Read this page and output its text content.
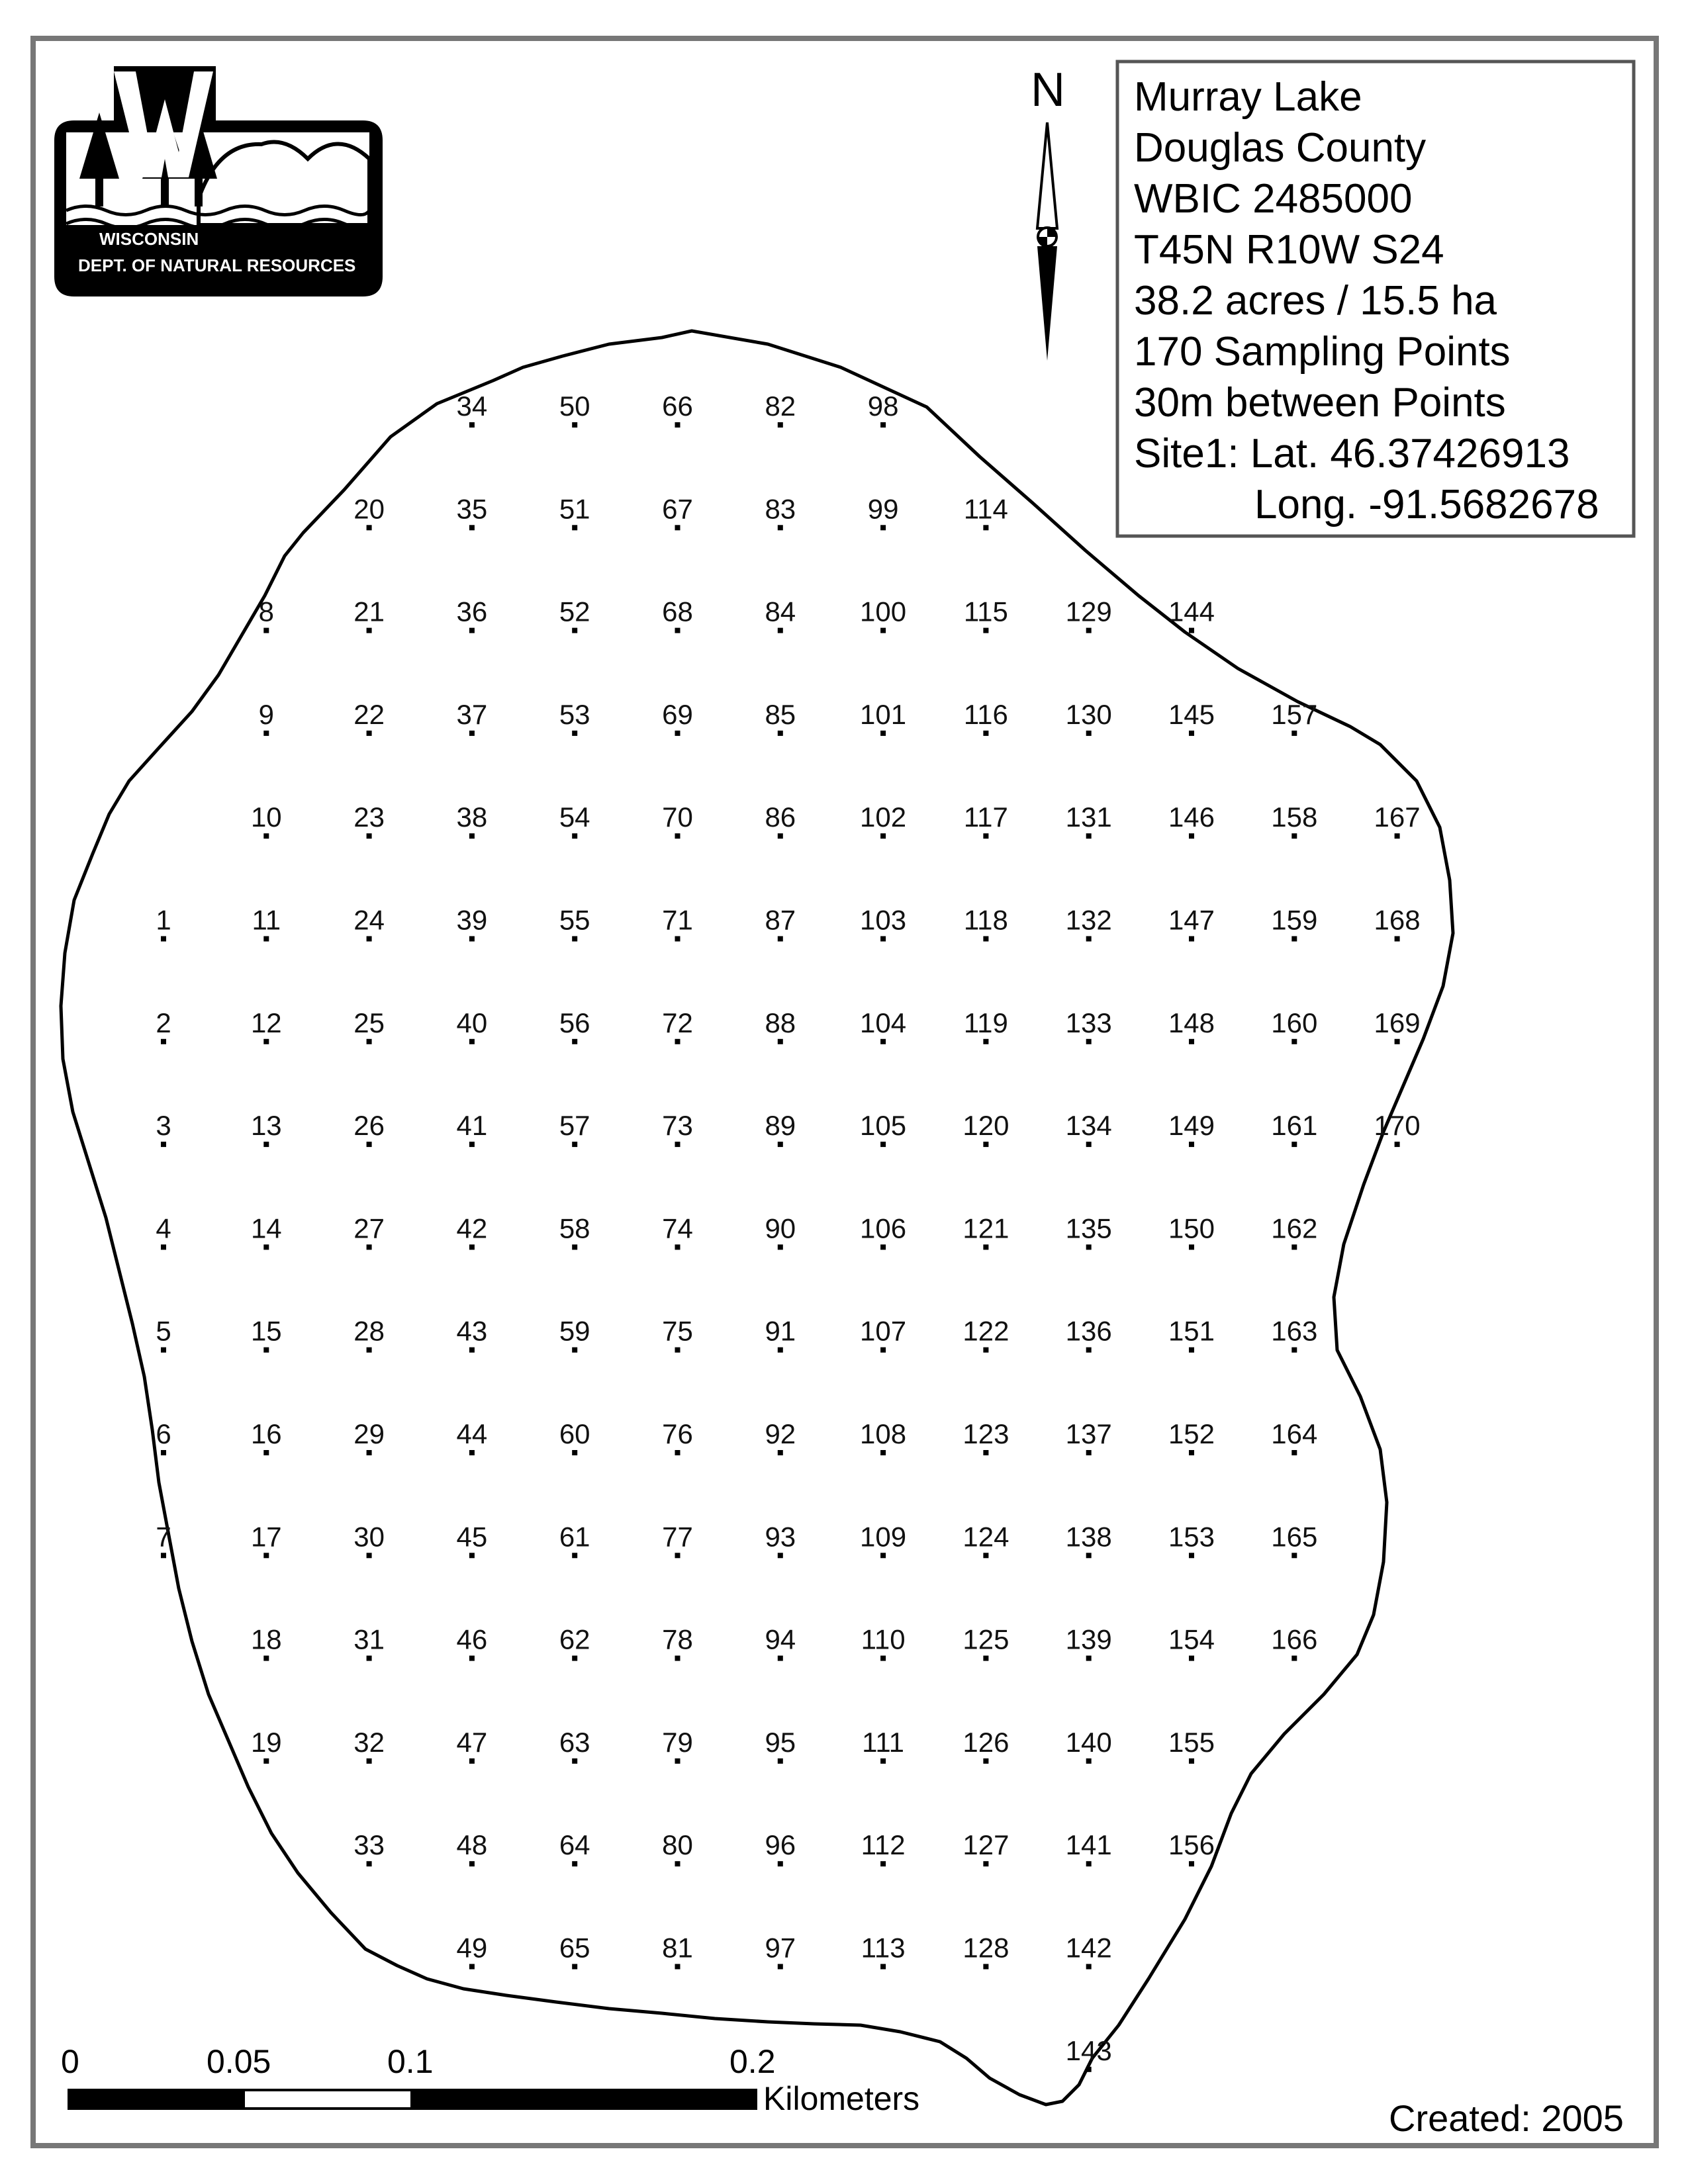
WISCONSIN
DEPT. OF NATURAL RESOURCES
N Murray Lake
Douglas County
WBIC 2485000
T45N R10W S24
38.2 acres / 15.5 ha
170 Sampling Points
30m between Points
Site1: Lat. 46.37426913
Long. -91.5682678
1
2
3
4
5
6
7
8
9
10
11
12
13
14
15
16
17
18
19
20
21
22
23
24
25
26
27
28
29
30
31
32
33
34
35
36
37
38
39
40
41
42
43
44
45
46
47
48
49
50
51
52
53
54
55
56
57
58
59
60
61
62
63
64
65
66
67
68
69
70
71
72
73
74
75
76
77
78
79
80
81
82
83
84
85
86
87
88
89
90
91
92
93
94
95
96
97
98
99
100
101
102
103
104
105
106
107
108
109
110
111
112
113
114
115
116
117
118
119
120
121
122
123
124
125
126
127
128
129
130
131
132
133
134
135
136
137
138
139
140
141
142
143
144
145
146
147
148
149
150
151
152
153
154
155
156
157
158
159
160
161
162
163
164
165
166
167
168
169
170
0	0.05	0.1	0.2
Kilometers	Created: 2005
